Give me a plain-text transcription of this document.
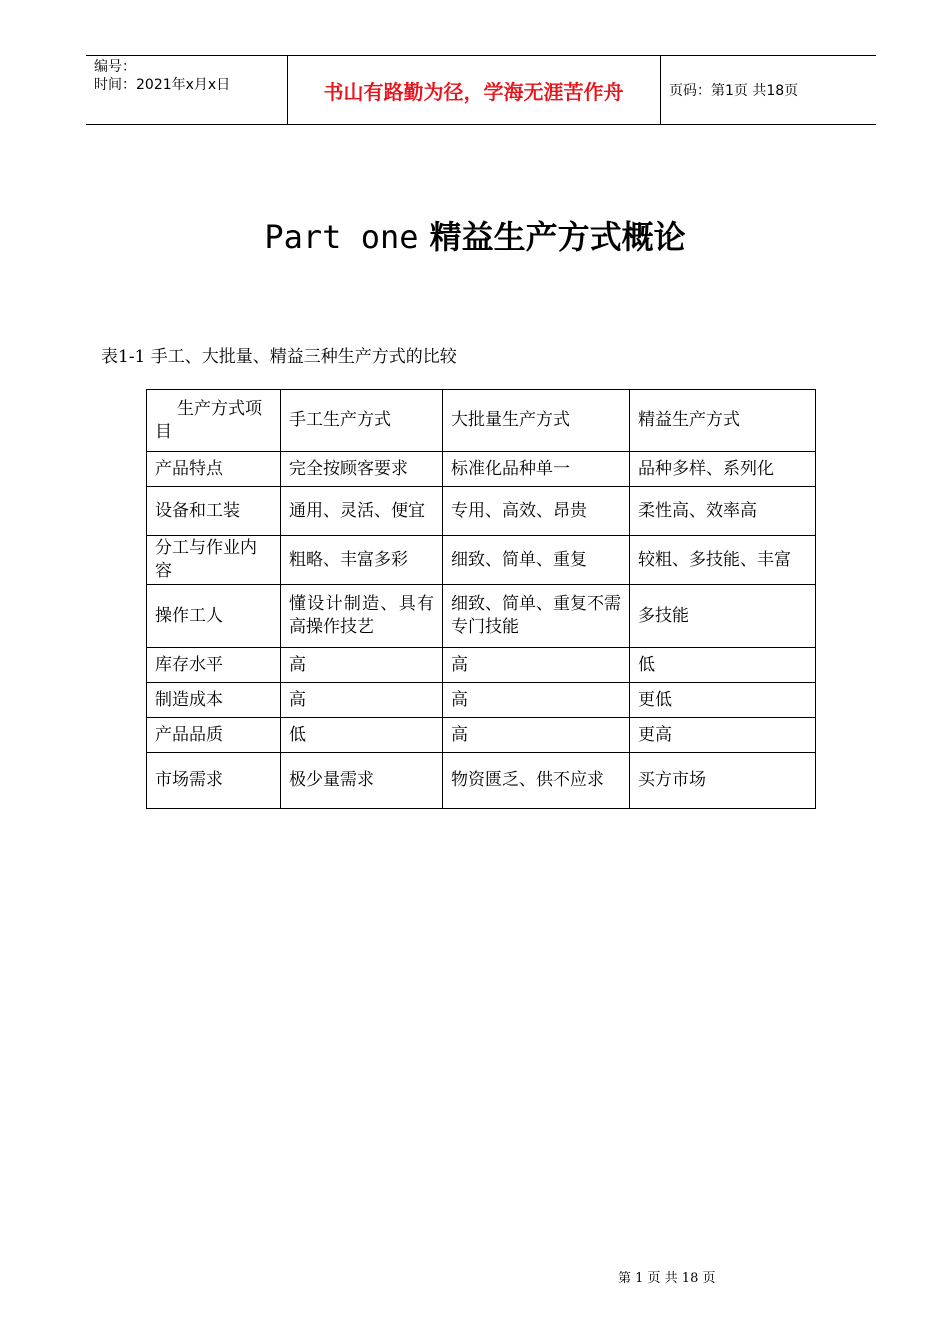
编号：
时间：2021年x月x日	书山有路勤为径，学海无涯苦作舟	页码：第1页 共18页
Part one 精益生产方式概论
表1-1 手工、大批量、精益三种生产方式的比较
生产方式项目	手工生产方式	大批量生产方式	精益生产方式
产品特点	完全按顾客要求	标准化品种单一	品种多样、系列化
设备和工装	通用、灵活、便宜	专用、高效、昂贵	柔性高、效率高
分工与作业内容	粗略、丰富多彩	细致、简单、重复	较粗、多技能、丰富
操作工人	懂设计制造、具有高操作技艺	细致、简单、重复不需专门技能	多技能
库存水平	高	高	低
制造成本	高	高	更低
产品品质	低	高	更高
市场需求	极少量需求	物资匮乏、供不应求	买方市场
第 1 页 共 18 页
